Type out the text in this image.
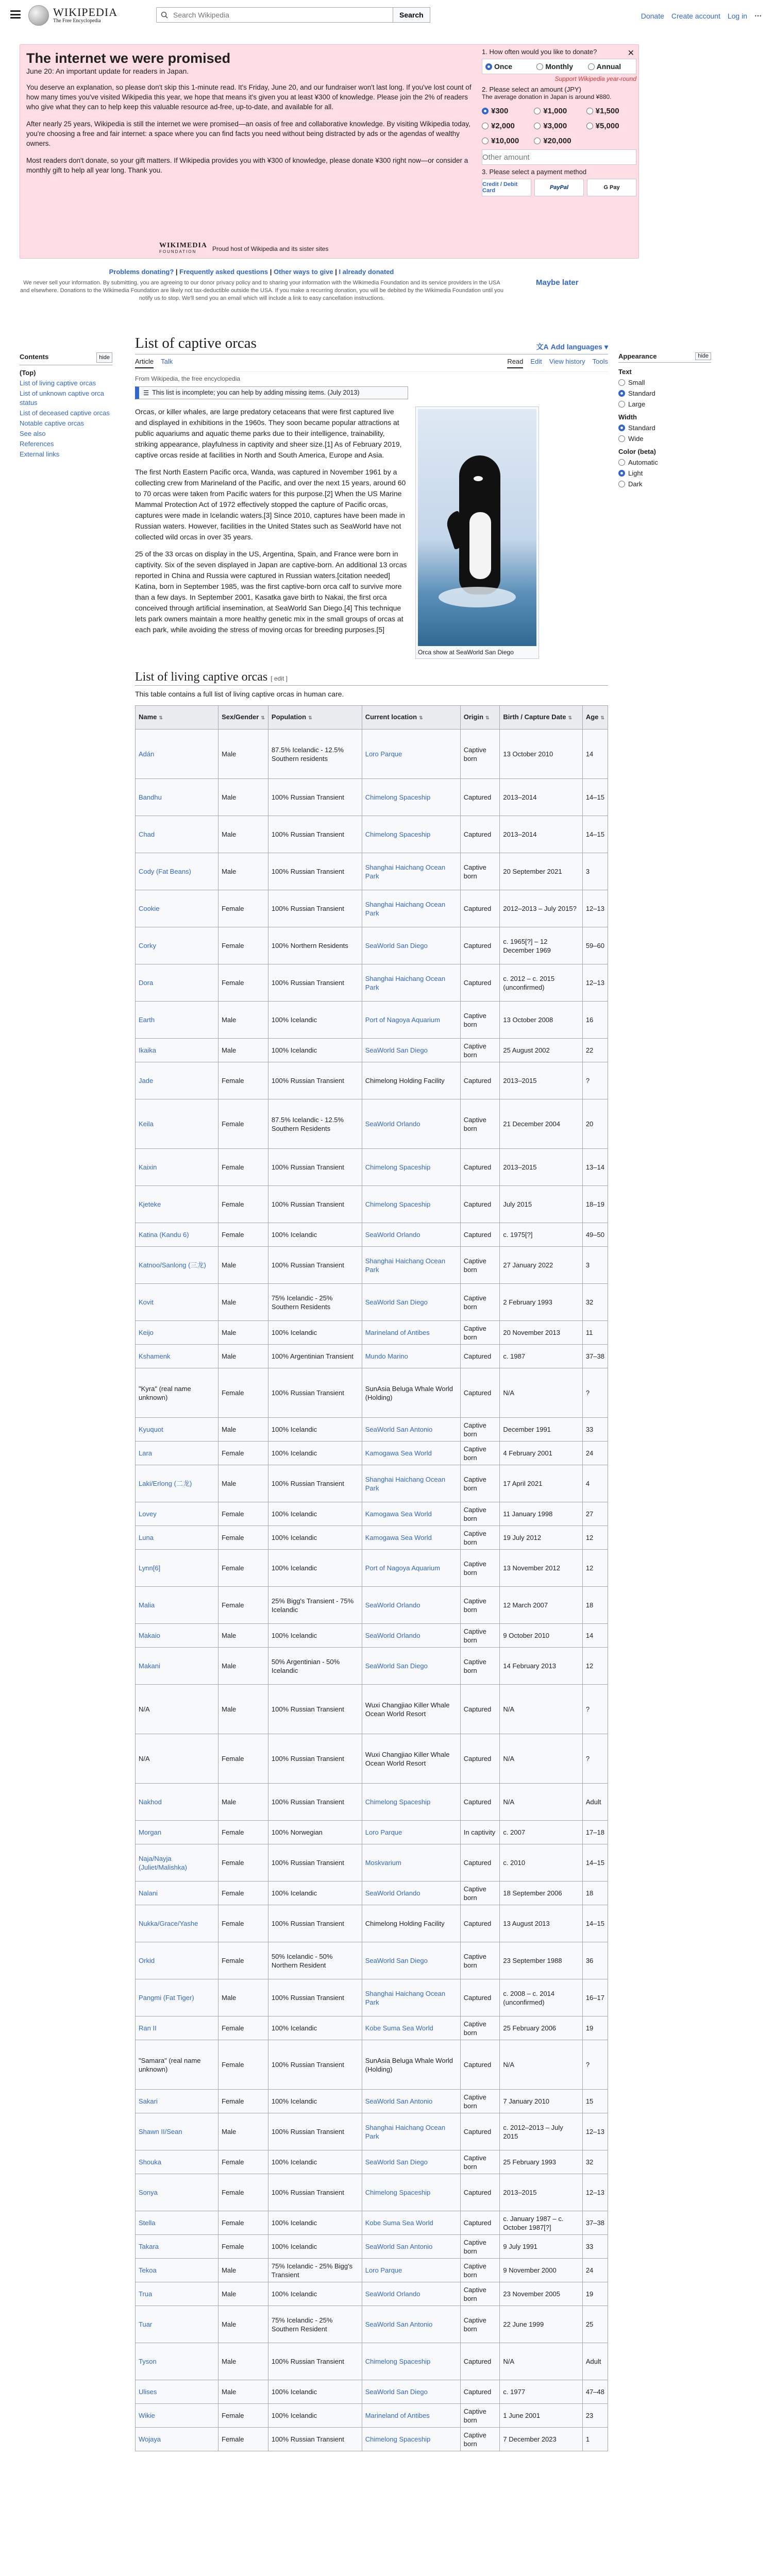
WIKIPEDIA
The Free Encyclopedia
Search Wikipedia
Search	Donate Create account Log in ⋯
The internet we were promised
June 20: An important update for readers in Japan.

You deserve an explanation, so please don't skip this 1-minute read. It's Friday, June 20, and our fundraiser won't last long. If you've lost count of how many times you've visited Wikipedia this year, we hope that means it's given you at least ¥300 of knowledge. Please join the 2% of readers who give what they can to help keep this valuable resource ad-free, up-to-date, and available for all.

After nearly 25 years, Wikipedia is still the internet we were promised—an oasis of free and collaborative knowledge. By visiting Wikipedia today, you're choosing a free and fair internet: a space where you can find facts you need without being distracted by ads or the agendas of wealthy owners.

Most readers don't donate, so your gift matters. If Wikipedia provides you with ¥300 of knowledge, please donate ¥300 right now—or consider a monthly gift to help all year long. Thank you.

WIKIMEDIA
FOUNDATION	Proud host of Wikipedia and its sister sites
✕
1. How often would you like to donate?
Once	Monthly	Annual
Support Wikipedia year-round
2. Please select an amount (JPY)
The average donation in Japan is around ¥880.
¥300	¥1,000	¥1,500
¥2,000	¥3,000	¥5,000
¥10,000	¥20,000
Other amount
3. Please select a payment method
Credit / Debit Card	PayPal	G Pay
Problems donating? | Frequently asked questions | Other ways to give | I already donated
We never sell your information. By submitting, you are agreeing to our donor privacy policy and to sharing your information with the Wikimedia Foundation and its service providers in the USA and elsewhere. Donations to the Wikimedia Foundation are likely not tax-deductible outside the USA. If you make a recurring donation, you will be debited by the Wikimedia Foundation until you notify us to stop. We'll send you an email which will include a link to easy cancellation instructions.
Maybe later
Contents	hide
(Top)
List of living captive orcas
List of unknown captive orca status
List of deceased captive orcas
Notable captive orcas
See also
References
External links
List of captive orcas	文A Add languages ▾
Article Talk	Read Edit View history Tools
From Wikipedia, the free encyclopedia
☰ This list is incomplete; you can help by adding missing items. (July 2013)

Orcas, or killer whales, are large predatory cetaceans that were first captured live and displayed in exhibitions in the 1960s. They soon became popular attractions at public aquariums and aquatic theme parks due to their intelligence, trainability, striking appearance, playfulness in captivity and sheer size.[1] As of February 2019, captive orcas reside at facilities in North and South America, Europe and Asia.

The first North Eastern Pacific orca, Wanda, was captured in November 1961 by a collecting crew from Marineland of the Pacific, and over the next 15 years, around 60 to 70 orcas were taken from Pacific waters for this purpose.[2] When the US Marine Mammal Protection Act of 1972 effectively stopped the capture of Pacific orcas, captures were made in Icelandic waters.[3] Since 2010, captures have been made in Russian waters. However, facilities in the United States such as SeaWorld have not collected wild orcas in over 35 years.

25 of the 33 orcas on display in the US, Argentina, Spain, and France were born in captivity. Six of the seven displayed in Japan are captive-born. An additional 13 orcas reported in China and Russia were captured in Russian waters.[citation needed] Katina, born in September 1985, was the first captive-born orca calf to survive more than a few days. In September 2001, Kasatka gave birth to Nakai, the first orca conceived through artificial insemination, at SeaWorld San Diego.[4] This technique lets park owners maintain a more healthy genetic mix in the small groups of orcas at each park, while avoiding the stress of moving orcas for breeding purposes.[5]

Orca show at SeaWorld San Diego
List of living captive orcas [ edit ]
This table contains a full list of living captive orcas in human care.
Name ⇅	Sex/Gender ⇅	Population ⇅	Current location ⇅	Origin ⇅	Birth / Capture Date ⇅	Age ⇅
Adán	Male	87.5% Icelandic - 12.5% Southern residents	Loro Parque	Captive born	13 October 2010	14
Bandhu	Male	100% Russian Transient	Chimelong Spaceship	Captured	2013–2014	14–15
Chad	Male	100% Russian Transient	Chimelong Spaceship	Captured	2013–2014	14–15
Cody (Fat Beans)	Male	100% Russian Transient	Shanghai Haichang Ocean Park	Captive born	20 September 2021	3
Cookie	Female	100% Russian Transient	Shanghai Haichang Ocean Park	Captured	2012–2013 – July 2015?	12–13
Corky	Female	100% Northern Residents	SeaWorld San Diego	Captured	c. 1965[?] – 12 December 1969	59–60
Dora	Female	100% Russian Transient	Shanghai Haichang Ocean Park	Captured	c. 2012 – c. 2015 (unconfirmed)	12–13
Earth	Male	100% Icelandic	Port of Nagoya Aquarium	Captive born	13 October 2008	16
Ikaika	Male	100% Icelandic	SeaWorld San Diego	Captive born	25 August 2002	22
Jade	Female	100% Russian Transient	Chimelong Holding Facility	Captured	2013–2015	?
Keila	Female	87.5% Icelandic - 12.5% Southern Residents	SeaWorld Orlando	Captive born	21 December 2004	20
Kaixin	Female	100% Russian Transient	Chimelong Spaceship	Captured	2013–2015	13–14
Kjeteke	Female	100% Russian Transient	Chimelong Spaceship	Captured	July 2015	18–19
Katina (Kandu 6)	Female	100% Icelandic	SeaWorld Orlando	Captured	c. 1975[?]	49–50
Katnoo/Sanlong (三龙)	Male	100% Russian Transient	Shanghai Haichang Ocean Park	Captive born	27 January 2022	3
Kovit	Male	75% Icelandic - 25% Southern Residents	SeaWorld San Diego	Captive born	2 February 1993	32
Keijo	Male	100% Icelandic	Marineland of Antibes	Captive born	20 November 2013	11
Kshamenk	Male	100% Argentinian Transient	Mundo Marino	Captured	c. 1987	37–38
"Kyra" (real name unknown)	Female	100% Russian Transient	SunAsia Beluga Whale World (Holding)	Captured	N/A	?
Kyuquot	Male	100% Icelandic	SeaWorld San Antonio	Captive born	December 1991	33
Lara	Female	100% Icelandic	Kamogawa Sea World	Captive born	4 February 2001	24
Laki/Erlong (二龙)	Male	100% Russian Transient	Shanghai Haichang Ocean Park	Captive born	17 April 2021	4
Lovey	Female	100% Icelandic	Kamogawa Sea World	Captive born	11 January 1998	27
Luna	Female	100% Icelandic	Kamogawa Sea World	Captive born	19 July 2012	12
Lynn[6]	Female	100% Icelandic	Port of Nagoya Aquarium	Captive born	13 November 2012	12
Malia	Female	25% Bigg's Transient - 75% Icelandic	SeaWorld Orlando	Captive born	12 March 2007	18
Makaio	Male	100% Icelandic	SeaWorld Orlando	Captive born	9 October 2010	14
Makani	Male	50% Argentinian - 50% Icelandic	SeaWorld San Diego	Captive born	14 February 2013	12
N/A	Male	100% Russian Transient	Wuxi Changjiao Killer Whale Ocean World Resort	Captured	N/A	?
N/A	Female	100% Russian Transient	Wuxi Changjiao Killer Whale Ocean World Resort	Captured	N/A	?
Nakhod	Male	100% Russian Transient	Chimelong Spaceship	Captured	N/A	Adult
Morgan	Female	100% Norwegian	Loro Parque	In captivity	c. 2007	17–18
Naja/Nayja (Juliet/Malishka)	Female	100% Russian Transient	Moskvarium	Captured	c. 2010	14–15
Nalani	Female	100% Icelandic	SeaWorld Orlando	Captive born	18 September 2006	18
Nukka/Grace/Yashe	Female	100% Russian Transient	Chimelong Holding Facility	Captured	13 August 2013	14–15
Orkid	Female	50% Icelandic - 50% Northern Resident	SeaWorld San Diego	Captive born	23 September 1988	36
Pangmi (Fat Tiger)	Male	100% Russian Transient	Shanghai Haichang Ocean Park	Captured	c. 2008 – c. 2014 (unconfirmed)	16–17
Ran II	Female	100% Icelandic	Kobe Suma Sea World	Captive born	25 February 2006	19
"Samara" (real name unknown)	Female	100% Russian Transient	SunAsia Beluga Whale World (Holding)	Captured	N/A	?
Sakari	Female	100% Icelandic	SeaWorld San Antonio	Captive born	7 January 2010	15
Shawn II/Sean	Male	100% Russian Transient	Shanghai Haichang Ocean Park	Captured	c. 2012–2013 – July 2015	12–13
Shouka	Female	100% Icelandic	SeaWorld San Diego	Captive born	25 February 1993	32
Sonya	Female	100% Russian Transient	Chimelong Spaceship	Captured	2013–2015	12–13
Stella	Female	100% Icelandic	Kobe Suma Sea World	Captured	c. January 1987 – c. October 1987[?]	37–38
Takara	Female	100% Icelandic	SeaWorld San Antonio	Captive born	9 July 1991	33
Tekoa	Male	75% Icelandic - 25% Bigg's Transient	Loro Parque	Captive born	9 November 2000	24
Trua	Male	100% Icelandic	SeaWorld Orlando	Captive born	23 November 2005	19
Tuar	Male	75% Icelandic - 25% Southern Resident	SeaWorld San Antonio	Captive born	22 June 1999	25
Tyson	Male	100% Russian Transient	Chimelong Spaceship	Captured	N/A	Adult
Ulises	Male	100% Icelandic	SeaWorld San Diego	Captured	c. 1977	47–48
Wikie	Female	100% Icelandic	Marineland of Antibes	Captive born	1 June 2001	23
Wojaya	Female	100% Russian Transient	Chimelong Spaceship	Captive born	7 December 2023	1
Appearance	hide
Text
Small
Standard
Large
Width
Standard
Wide
Color (beta)
Automatic
Light
Dark
